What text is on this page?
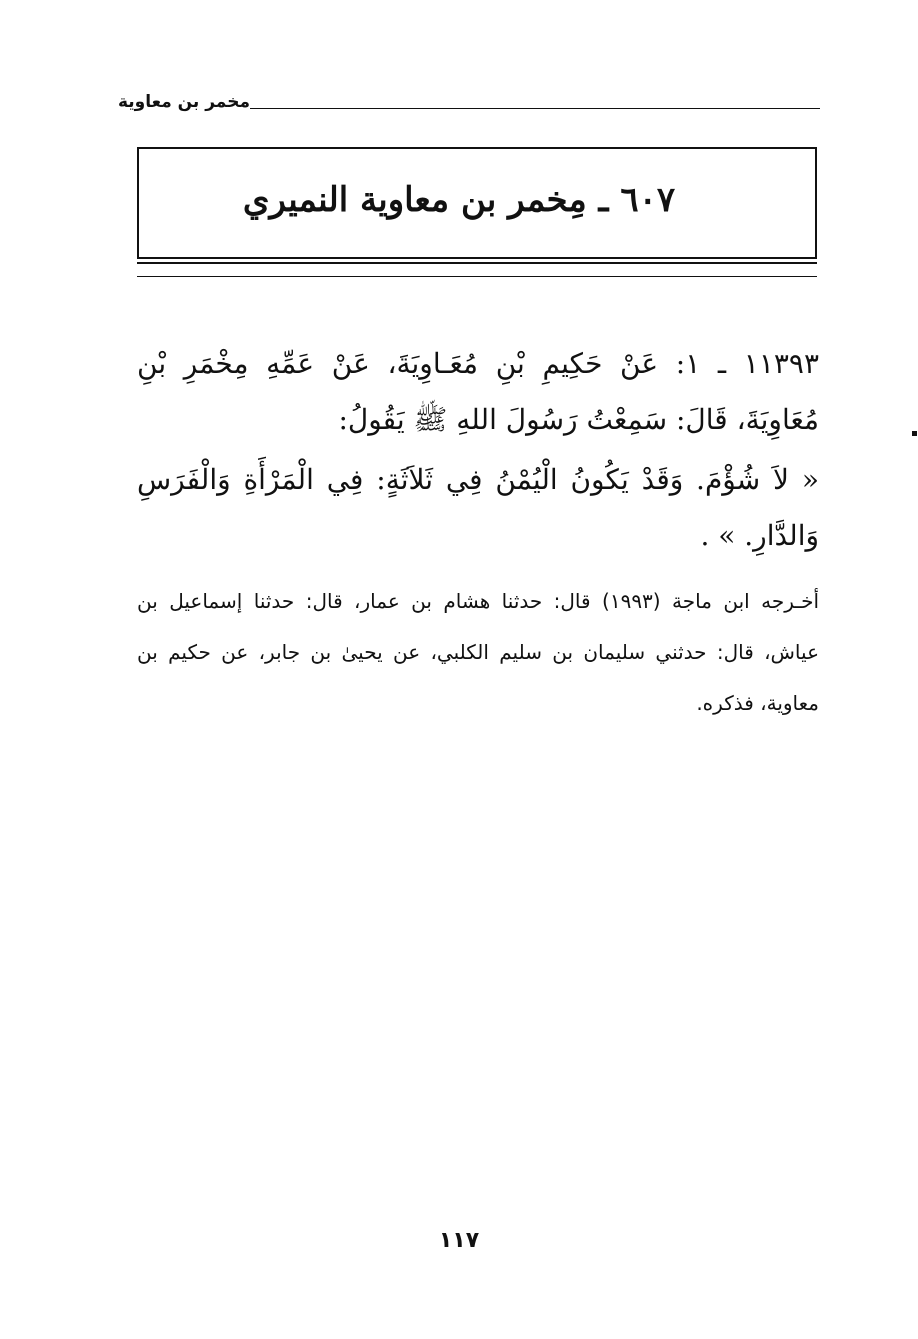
مخمر بن معاوية
٦٠٧ ـ مِخمر بن معاوية النميري

١١٣٩٣ ـ ١: عَنْ حَكِيمِ بْنِ مُعَـاوِيَةَ، عَنْ عَمِّهِ مِخْمَرِ بْنِ مُعَاوِيَةَ، قَالَ: سَمِعْتُ رَسُولَ اللهِ ﷺ يَقُولُ:

« لاَ شُؤْمَ. وَقَدْ يَكُونُ الْيُمْنُ فِي ثَلاَثَةٍ: فِي الْمَرْأَةِ وَالْفَرَسِ وَالدَّارِ. » .

أخـرجه ابن ماجة (١٩٩٣) قال: حدثنا هشام بن عمار، قال: حدثنا إسماعيل بن عياش، قال: حدثني سليمان بن سليم الكلبي، عن يحيىٰ بن جابر، عن حكيم بن معاوية، فذكره.

١١٧
